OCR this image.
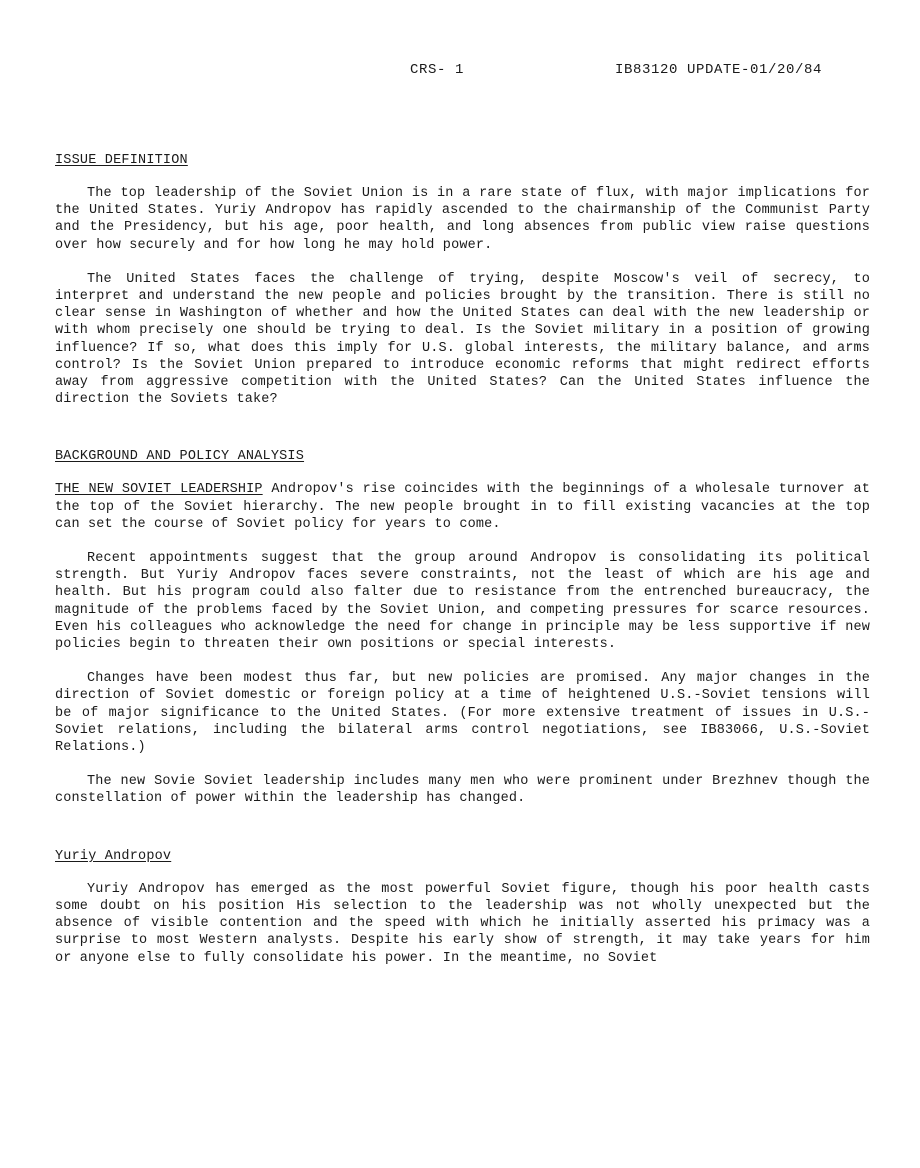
CRS- 1	IB83120 UPDATE-01/20/84

ISSUE DEFINITION

The top leadership of the Soviet Union is in a rare state of flux, with major implications for the United States. Yuriy Andropov has rapidly ascended to the chairmanship of the Communist Party and the Presidency, but his age, poor health, and long absences from public view raise questions over how securely and for how long he may hold power.

The United States faces the challenge of trying, despite Moscow's veil of secrecy, to interpret and understand the new people and policies brought by the transition. There is still no clear sense in Washington of whether and how the United States can deal with the new leadership or with whom precisely one should be trying to deal. Is the Soviet military in a position of growing influence? If so, what does this imply for U.S. global interests, the military balance, and arms control? Is the Soviet Union prepared to introduce economic reforms that might redirect efforts away from aggressive competition with the United States? Can the United States influence the direction the Soviets take?

BACKGROUND AND POLICY ANALYSIS

THE NEW SOVIET LEADERSHIP Andropov's rise coincides with the beginnings of a wholesale turnover at the top of the Soviet hierarchy. The new people brought in to fill existing vacancies at the top can set the course of Soviet policy for years to come.

Recent appointments suggest that the group around Andropov is consolidating its political strength. But Yuriy Andropov faces severe constraints, not the least of which are his age and health. But his program could also falter due to resistance from the entrenched bureaucracy, the magnitude of the problems faced by the Soviet Union, and competing pressures for scarce resources. Even his colleagues who acknowledge the need for change in principle may be less supportive if new policies begin to threaten their own positions or special interests.

Changes have been modest thus far, but new policies are promised. Any major changes in the direction of Soviet domestic or foreign policy at a time of heightened U.S.-Soviet tensions will be of major significance to the United States. (For more extensive treatment of issues in U.S.-Soviet relations, including the bilateral arms control negotiations, see IB83066, U.S.-Soviet Relations.)

The new Sovie Soviet leadership includes many men who were prominent under Brezhnev though the constellation of power within the leadership has changed.

Yuriy Andropov

Yuriy Andropov has emerged as the most powerful Soviet figure, though his poor health casts some doubt on his position His selection to the leadership was not wholly unexpected but the absence of visible contention and the speed with which he initially asserted his primacy was a surprise to most Western analysts. Despite his early show of strength, it may take years for him or anyone else to fully consolidate his power. In the meantime, no Soviet
